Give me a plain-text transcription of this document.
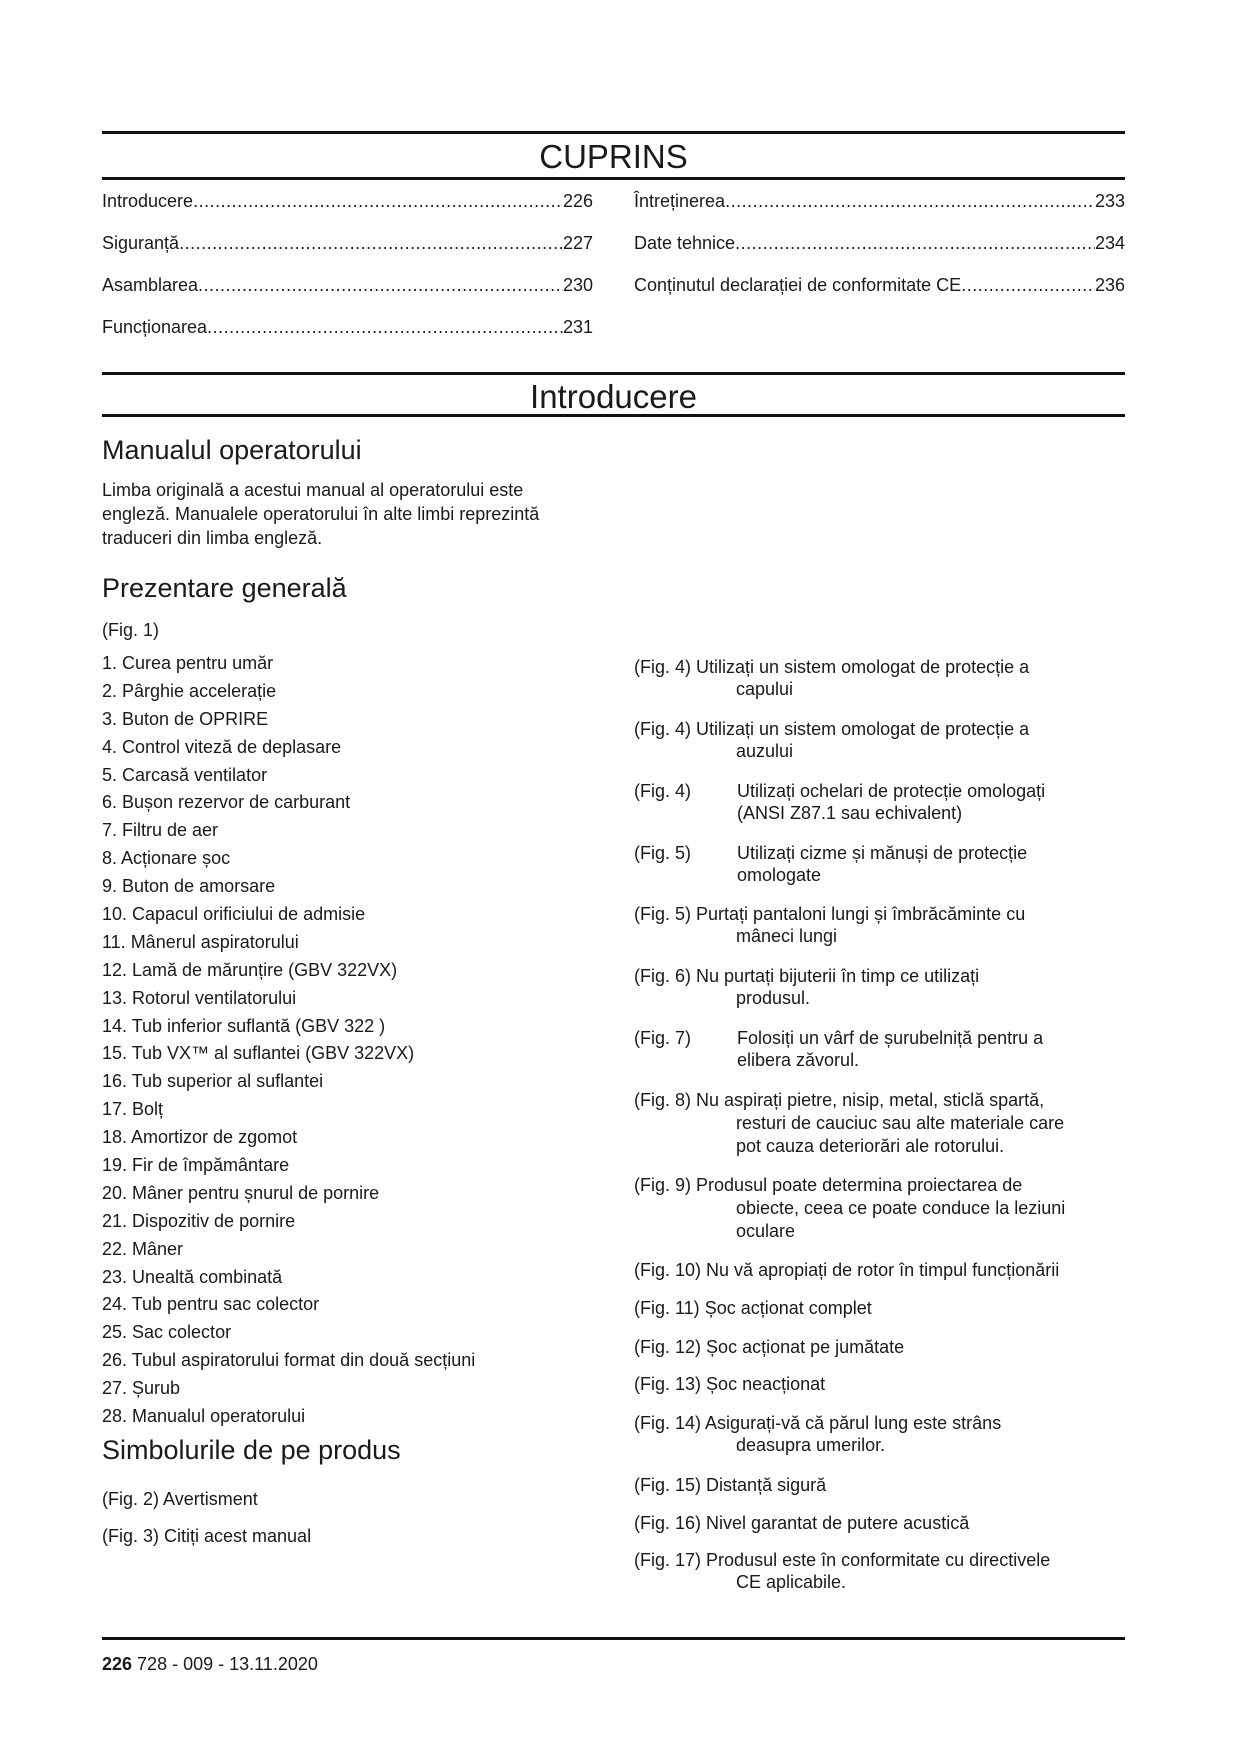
CUPRINS
Introducere .....	226
Siguranță .....	227
Asamblarea .....	230
Funcționarea .....	231
Întreținerea .....	233
Date tehnice .....	234
Conținutul declarației de conformitate CE .....	236
Introducere
Manualul operatorului

Limba originală a acestui manual al operatorului este

engleză. Manualele operatorului în alte limbi reprezintă

traduceri din limba engleză.

Prezentare generală

(Fig. 1)

1. Curea pentru umăr
2. Pârghie accelerație
3. Buton de OPRIRE
4. Control viteză de deplasare
5. Carcasă ventilator
6. Bușon rezervor de carburant
7. Filtru de aer
8. Acționare șoc
9. Buton de amorsare
10. Capacul orificiului de admisie
11. Mânerul aspiratorului
12. Lamă de mărunțire (GBV 322VX)
13. Rotorul ventilatorului
14. Tub inferior suflantă (GBV 322 )
15. Tub VX™ al suflantei (GBV 322VX)
16. Tub superior al suflantei
17. Bolț
18. Amortizor de zgomot
19. Fir de împământare
20. Mâner pentru șnurul de pornire
21. Dispozitiv de pornire
22. Mâner
23. Unealtă combinată
24. Tub pentru sac colector
25. Sac colector
26. Tubul aspiratorului format din două secțiuni
27. Șurub
28. Manualul operatorului
Simbolurile de pe produs

(Fig. 2) Avertisment

(Fig. 3) Citiți acest manual

(Fig. 4) Utilizați un sistem omologat de protecție a
capului
(Fig. 4) Utilizați un sistem omologat de protecție a
auzului
(Fig. 4)	Utilizați ochelari de protecție omologați
(ANSI Z87.1 sau echivalent)
(Fig. 5)	Utilizați cizme și mănuși de protecție
omologate
(Fig. 5) Purtați pantaloni lungi și îmbrăcăminte cu
mâneci lungi
(Fig. 6) Nu purtați bijuterii în timp ce utilizați
produsul.
(Fig. 7)	Folosiți un vârf de șurubelniță pentru a
elibera zăvorul.
(Fig. 8) Nu aspirați pietre, nisip, metal, sticlă spartă,
resturi de cauciuc sau alte materiale care
pot cauza deteriorări ale rotorului.
(Fig. 9) Produsul poate determina proiectarea de
obiecte, ceea ce poate conduce la leziuni
oculare
(Fig. 10) Nu vă apropiați de rotor în timpul funcționării
(Fig. 11) Șoc acționat complet
(Fig. 12) Șoc acționat pe jumătate
(Fig. 13) Șoc neacționat
(Fig. 14) Asigurați-vă că părul lung este strâns
deasupra umerilor.
(Fig. 15) Distanță sigură
(Fig. 16) Nivel garantat de putere acustică
(Fig. 17) Produsul este în conformitate cu directivele
CE aplicabile.
226 728 - 009 - 13.11.2020
